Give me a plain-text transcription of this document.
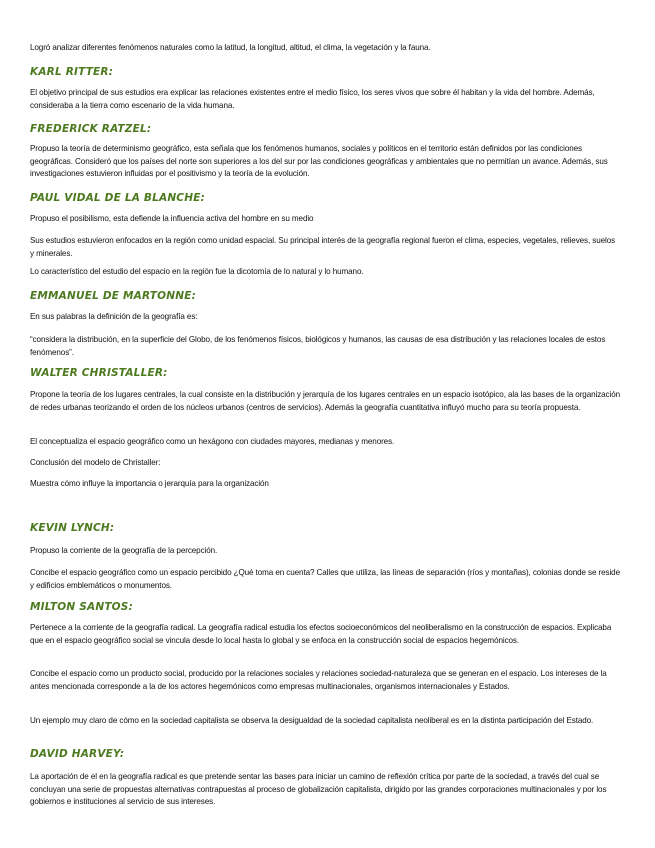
Logró analizar diferentes fenómenos naturales como la latitud, la longitud, altitud, el clima, la vegetación y la fauna.

KARL RITTER:

El objetivo principal de sus estudios era explicar las relaciones existentes entre el medio físico, los seres vivos que sobre él habitan y la vida del hombre. Además, consideraba a la tierra como escenario de la vida humana.

FREDERICK RATZEL:

Propuso la teoría de determinismo geográfico, esta señala que los fenómenos humanos, sociales y políticos en el territorio están definidos por las condiciones geográficas. Consideró que los países del norte son superiores a los del sur por las condiciones geográficas y ambientales que no permitían un avance. Además, sus investigaciones estuvieron influidas por el positivismo y la teoría de la evolución.

PAUL VIDAL DE LA BLANCHE:

Propuso el posibilismo, esta defiende la influencia activa del hombre en su medio

Sus estudios estuvieron enfocados en la región como unidad espacial. Su principal interés de la geografía regional fueron el clima, especies, vegetales, relieves, suelos y minerales.

Lo característico del estudio del espacio en la región fue la dicotomía de lo natural y lo humano.

EMMANUEL DE MARTONNE:

En sus palabras la definición de la geografía es:

“considera la distribución, en la superficie del Globo, de los fenómenos físicos, biológicos y humanos, las causas de esa distribución y las relaciones locales de estos fenómenos”.

WALTER CHRISTALLER:

Propone la teoría de los lugares centrales, la cual consiste en la distribución y jerarquía de los lugares centrales en un espacio isotópico, ala las bases de la organización de redes urbanas teorizando el orden de los núcleos urbanos (centros de servicios). Además la geografía cuantitativa influyó mucho para su teoría propuesta.

El conceptualiza el espacio geográfico como un hexágono con ciudades mayores, medianas y menores.

Conclusión del modelo de Christaller:

Muestra cómo influye la importancia o jerarquía para la organización

KEVIN LYNCH:

Propuso la corriente de la geografía de la percepción.

Concibe el espacio geográfico como un espacio percibido ¿Qué toma en cuenta? Calles que utiliza, las líneas de separación (ríos y montañas), colonias donde se reside y edificios emblemáticos o monumentos.

MILTON SANTOS:

Pertenece a la corriente de la geografía radical. La geografía radical estudia los efectos socioeconómicos del neoliberalismo en la construcción de espacios. Explicaba que en el espacio geográfico social se vincula desde lo local hasta lo global y se enfoca en la construcción social de espacios hegemónicos.

Concibe el espacio como un producto social, producido por la relaciones sociales y relaciones sociedad-naturaleza que se generan en el espacio. Los intereses de la antes mencionada corresponde a la de los actores hegemónicos como empresas multinacionales, organismos internacionales y Estados.

Un ejemplo muy claro de cómo en la sociedad capitalista se observa la desigualdad de la sociedad capitalista neoliberal es en la distinta participación del Estado.

DAVID HARVEY:

La aportación de el en la geografía radical es que pretende sentar las bases para iniciar un camino de reflexión crítica por parte de la sociedad, a través del cual se concluyan una serie de propuestas alternativas contrapuestas al proceso de globalización capitalista, dirigido por las grandes corporaciones multinacionales y por los gobiernos e instituciones al servicio de sus intereses.
